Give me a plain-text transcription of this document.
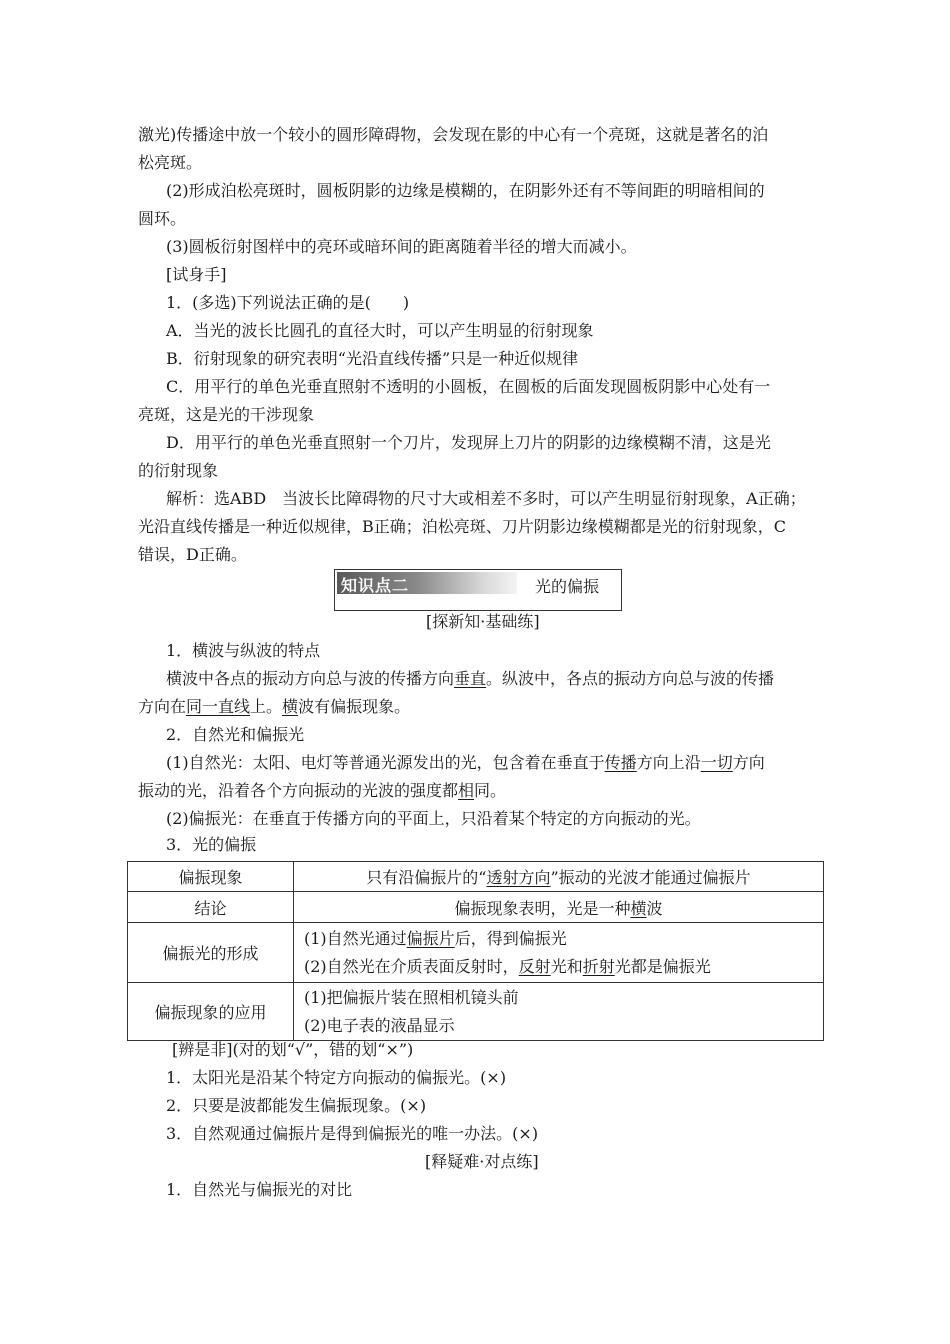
激光)传播途中放一个较小的圆形障碍物，会发现在影的中心有一个亮斑，这就是著名的泊
松亮斑。
(2)形成泊松亮斑时，圆板阴影的边缘是模糊的，在阴影外还有不等间距的明暗相间的
圆环。
(3)圆板衍射图样中的亮环或暗环间的距离随着半径的增大而减小。
[试身手]
1．(多选)下列说法正确的是(　　)
A．当光的波长比圆孔的直径大时，可以产生明显的衍射现象
B．衍射现象的研究表明“光沿直线传播”只是一种近似规律
C．用平行的单色光垂直照射不透明的小圆板，在圆板的后面发现圆板阴影中心处有一
亮斑，这是光的干涉现象
D．用平行的单色光垂直照射一个刀片，发现屏上刀片的阴影的边缘模糊不清，这是光
的衍射现象
解析：选ABD　当波长比障碍物的尺寸大或相差不多时，可以产生明显衍射现象，A正确；
光沿直线传播是一种近似规律，B正确；泊松亮斑、刀片阴影边缘模糊都是光的衍射现象，C
错误，D正确。
知识点二	光的偏振
[探新知·基础练]
1．横波与纵波的特点
横波中各点的振动方向总与波的传播方向垂直。纵波中，各点的振动方向总与波的传播
方向在同一直线上。横波有偏振现象。
2．自然光和偏振光
(1)自然光：太阳、电灯等普通光源发出的光，包含着在垂直于传播方向上沿一切方向
振动的光，沿着各个方向振动的光波的强度都相同。
(2)偏振光：在垂直于传播方向的平面上，只沿着某个特定的方向振动的光。
3．光的偏振
偏振现象	只有沿偏振片的“透射方向”振动的光波才能通过偏振片
结论	偏振现象表明，光是一种横波
偏振光的形成	(1)自然光通过偏振片后，得到偏振光
(2)自然光在介质表面反射时，反射光和折射光都是偏振光

偏振现象的应用	(1)把偏振片装在照相机镜头前
(2)电子表的液晶显示
[辨是非](对的划“√”，错的划“×”)
1．太阳光是沿某个特定方向振动的偏振光。(×)
2．只要是波都能发生偏振现象。(×)
3．自然观通过偏振片是得到偏振光的唯一办法。(×)
[释疑难·对点练]
1．自然光与偏振光的对比
